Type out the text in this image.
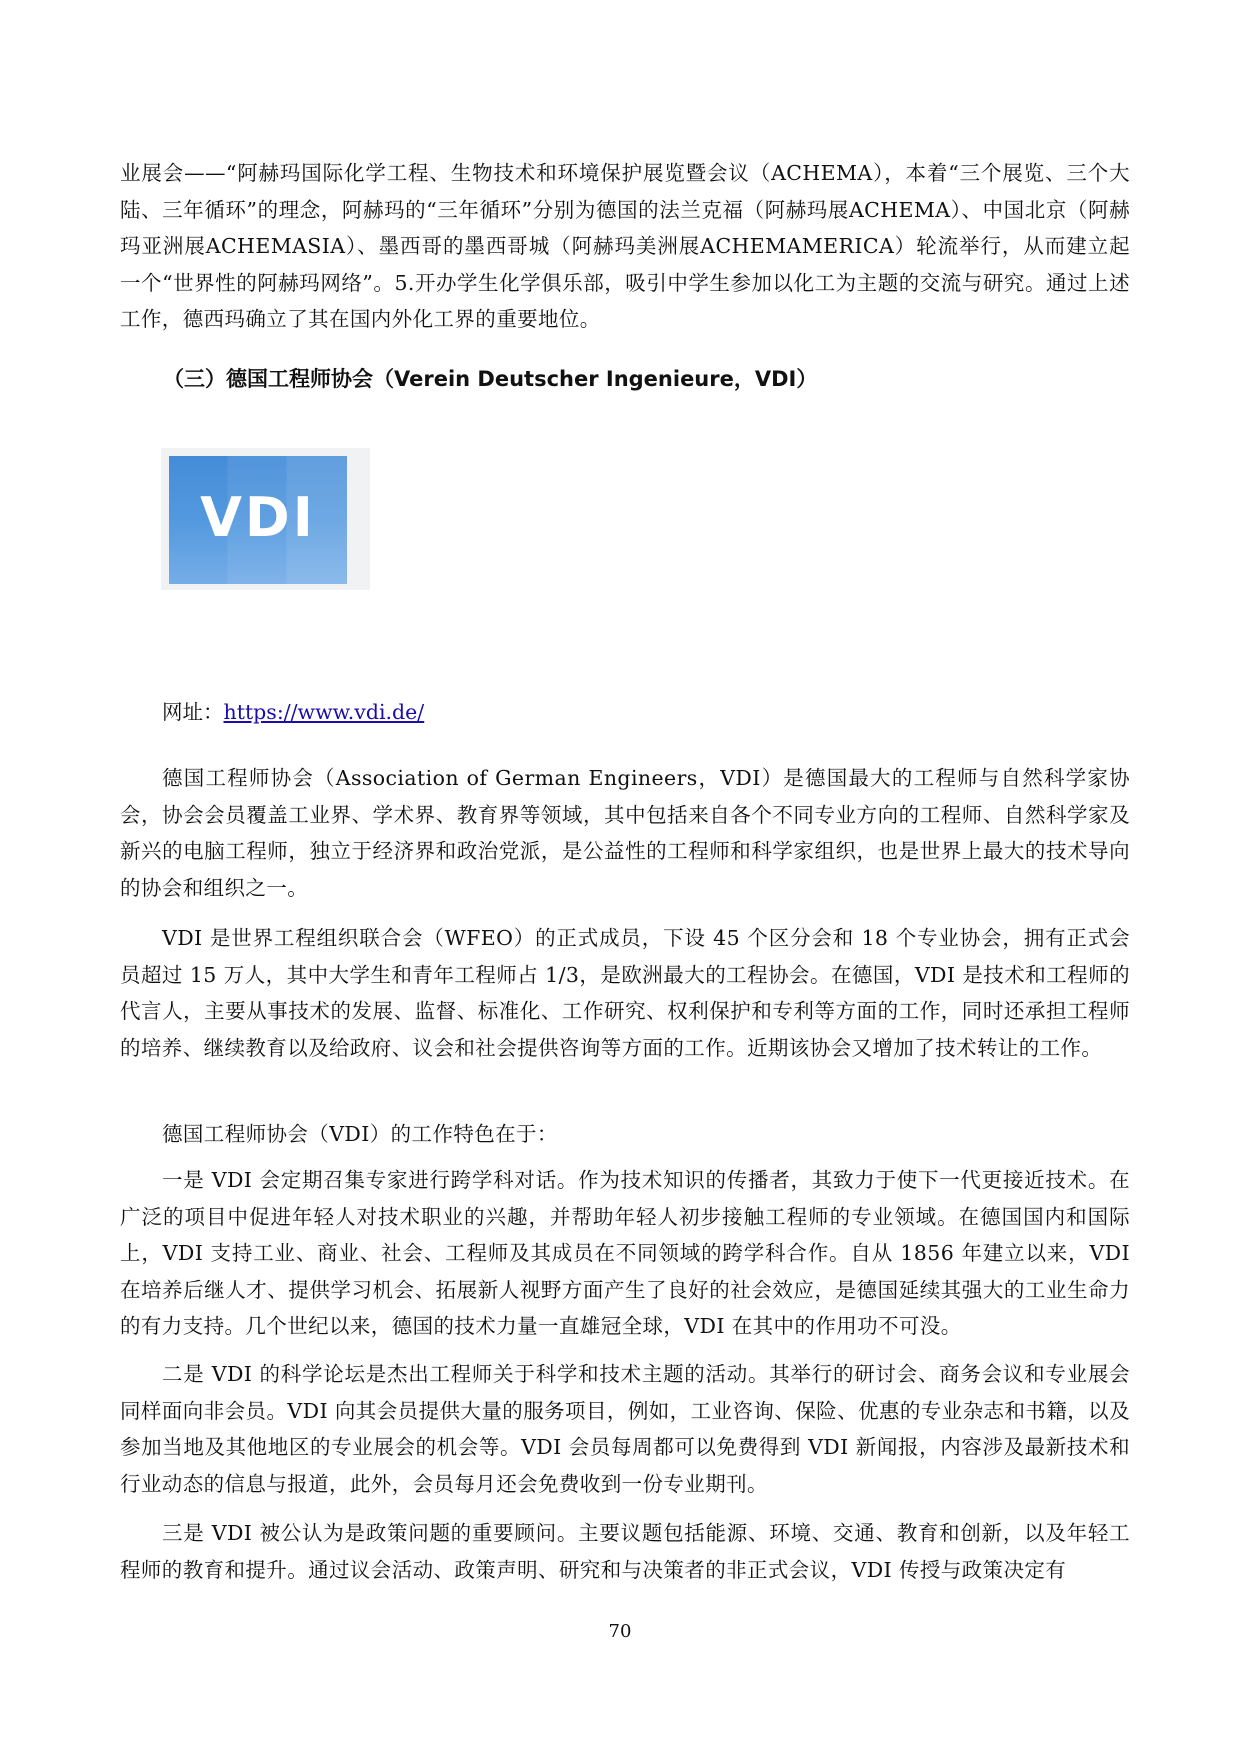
业展会——“阿赫玛国际化学工程、生物技术和环境保护展览暨会议（ACHEMA），本着“三个展览、三个大陆、三年循环”的理念，阿赫玛的“三年循环”分别为德国的法兰克福（阿赫玛展ACHEMA）、中国北京（阿赫玛亚洲展ACHEMASIA）、墨西哥的墨西哥城（阿赫玛美洲展ACHEMAMERICA）轮流举行，从而建立起一个“世界性的阿赫玛网络”。5.开办学生化学俱乐部，吸引中学生参加以化工为主题的交流与研究。通过上述工作，德西玛确立了其在国内外化工界的重要地位。

（三）德国工程师协会（Verein Deutscher Ingenieure，VDI）

VDI

网址：https://www.vdi.de/

德国工程师协会（Association of German Engineers，VDI）是德国最大的工程师与自然科学家协会，协会会员覆盖工业界、学术界、教育界等领域，其中包括来自各个不同专业方向的工程师、自然科学家及新兴的电脑工程师，独立于经济界和政治党派，是公益性的工程师和科学家组织，也是世界上最大的技术导向的协会和组织之一。

VDI 是世界工程组织联合会（WFEO）的正式成员，下设 45 个区分会和 18 个专业协会，拥有正式会员超过 15 万人，其中大学生和青年工程师占 1/3，是欧洲最大的工程协会。在德国，VDI 是技术和工程师的代言人，主要从事技术的发展、监督、标准化、工作研究、权利保护和专利等方面的工作，同时还承担工程师的培养、继续教育以及给政府、议会和社会提供咨询等方面的工作。近期该协会又增加了技术转让的工作。

德国工程师协会（VDI）的工作特色在于：

一是 VDI 会定期召集专家进行跨学科对话。作为技术知识的传播者，其致力于使下一代更接近技术。在广泛的项目中促进年轻人对技术职业的兴趣，并帮助年轻人初步接触工程师的专业领域。在德国国内和国际上，VDI 支持工业、商业、社会、工程师及其成员在不同领域的跨学科合作。自从 1856 年建立以来，VDI 在培养后继人才、提供学习机会、拓展新人视野方面产生了良好的社会效应，是德国延续其强大的工业生命力的有力支持。几个世纪以来，德国的技术力量一直雄冠全球，VDI 在其中的作用功不可没。

二是 VDI 的科学论坛是杰出工程师关于科学和技术主题的活动。其举行的研讨会、商务会议和专业展会同样面向非会员。VDI 向其会员提供大量的服务项目，例如，工业咨询、保险、优惠的专业杂志和书籍，以及参加当地及其他地区的专业展会的机会等。VDI 会员每周都可以免费得到 VDI 新闻报，内容涉及最新技术和行业动态的信息与报道，此外，会员每月还会免费收到一份专业期刊。

三是 VDI 被公认为是政策问题的重要顾问。主要议题包括能源、环境、交通、教育和创新，以及年轻工程师的教育和提升。通过议会活动、政策声明、研究和与决策者的非正式会议，VDI 传授与政策决定有

70
